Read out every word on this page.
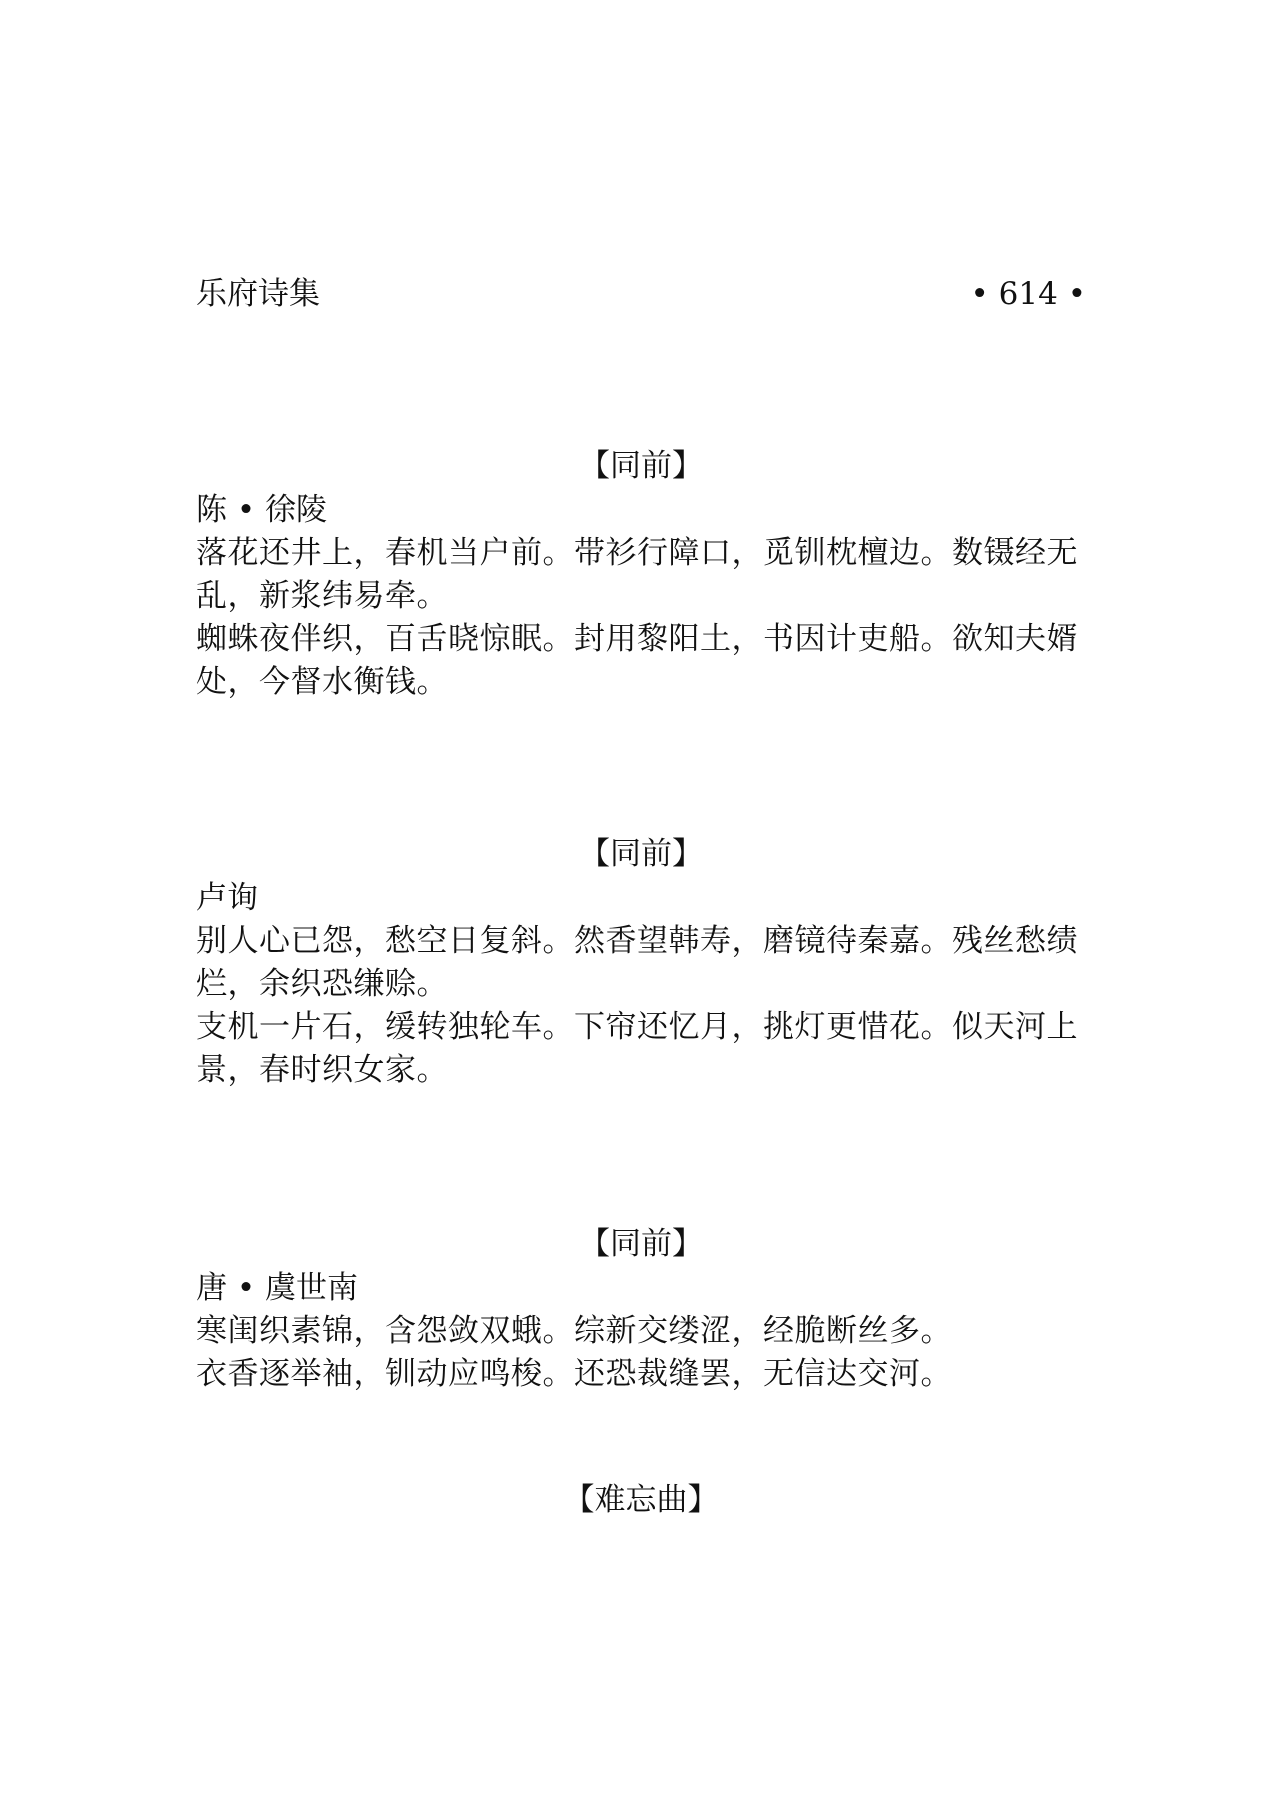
乐府诗集	• 614 •
【同前】
陈 • 徐陵

落花还井上，春机当户前。带衫行障口，觅钏枕檀边。数镊经无乱，新浆纬易牵。

蜘蛛夜伴织，百舌晓惊眠。封用黎阳土，书因计吏船。欲知夫婿处，今督水衡钱。

【同前】
卢询

别人心已怨，愁空日复斜。然香望韩寿，磨镜待秦嘉。残丝愁绩烂，余织恐缣赊。

支机一片石，缓转独轮车。下帘还忆月，挑灯更惜花。似天河上景，春时织女家。

【同前】
唐 • 虞世南

寒闺织素锦，含怨敛双蛾。综新交缕涩，经脆断丝多。

衣香逐举袖，钏动应鸣梭。还恐裁缝罢，无信达交河。

【难忘曲】
